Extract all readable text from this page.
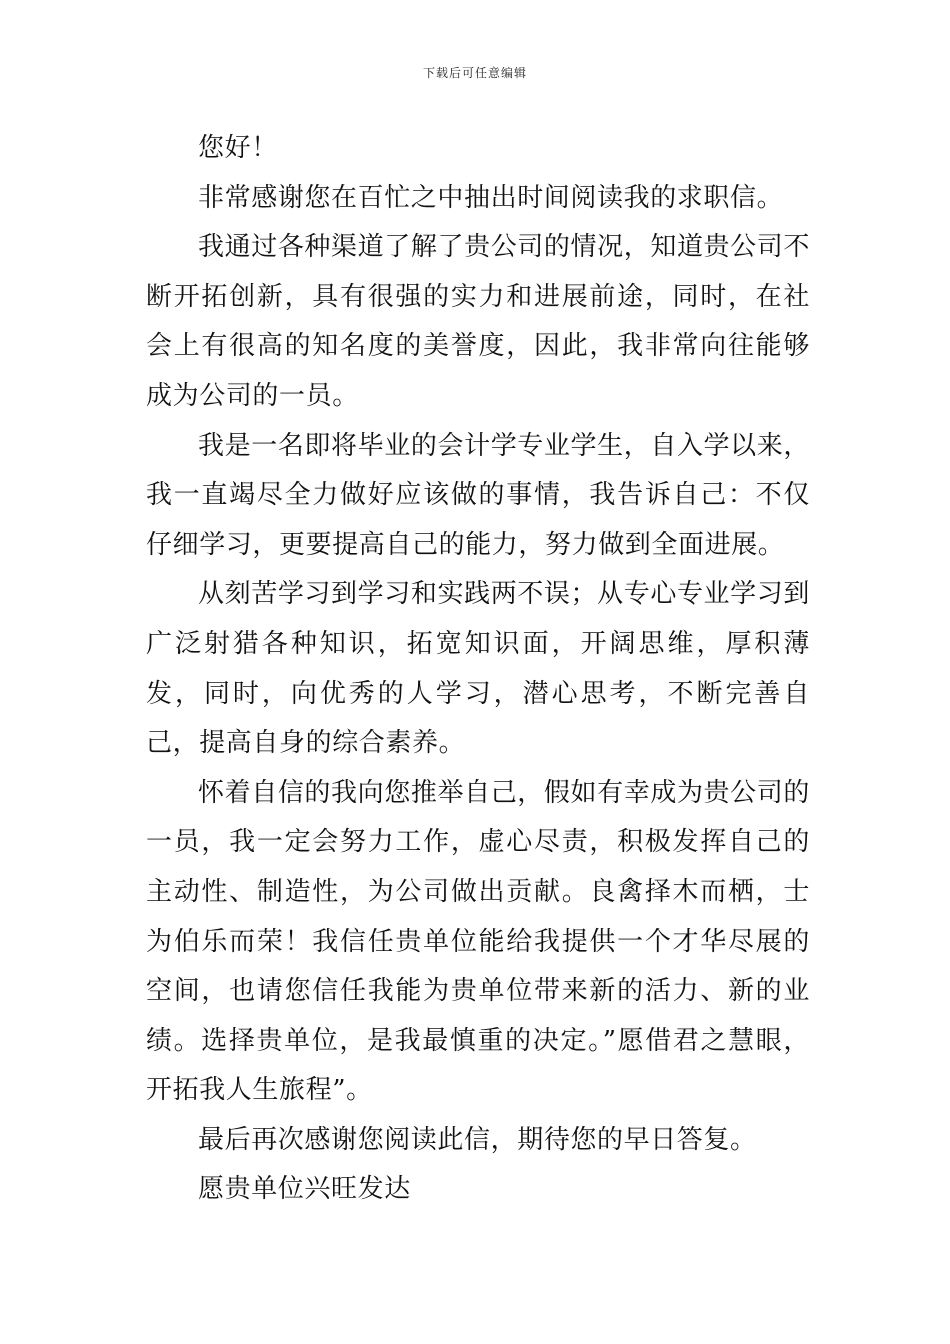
下载后可任意编辑

您好！

非常感谢您在百忙之中抽出时间阅读我的求职信。

我通过各种渠道了解了贵公司的情况，知道贵公司不断开拓创新，具有很强的实力和进展前途，同时，在社会上有很高的知名度的美誉度，因此，我非常向往能够成为公司的一员。

我是一名即将毕业的会计学专业学生，自入学以来，我一直竭尽全力做好应该做的事情，我告诉自己：不仅仔细学习，更要提高自己的能力，努力做到全面进展。

从刻苦学习到学习和实践两不误；从专心专业学习到广泛射猎各种知识，拓宽知识面，开阔思维，厚积薄发，同时，向优秀的人学习，潜心思考，不断完善自己，提高自身的综合素养。

怀着自信的我向您推举自己，假如有幸成为贵公司的一员，我一定会努力工作，虚心尽责，积极发挥自己的主动性、制造性，为公司做出贡献。良禽择木而栖，士为伯乐而荣！我信任贵单位能给我提供一个才华尽展的空间，也请您信任我能为贵单位带来新的活力、新的业绩。选择贵单位，是我最慎重的决定。”愿借君之慧眼，开拓我人生旅程”。

最后再次感谢您阅读此信，期待您的早日答复。

愿贵单位兴旺发达
